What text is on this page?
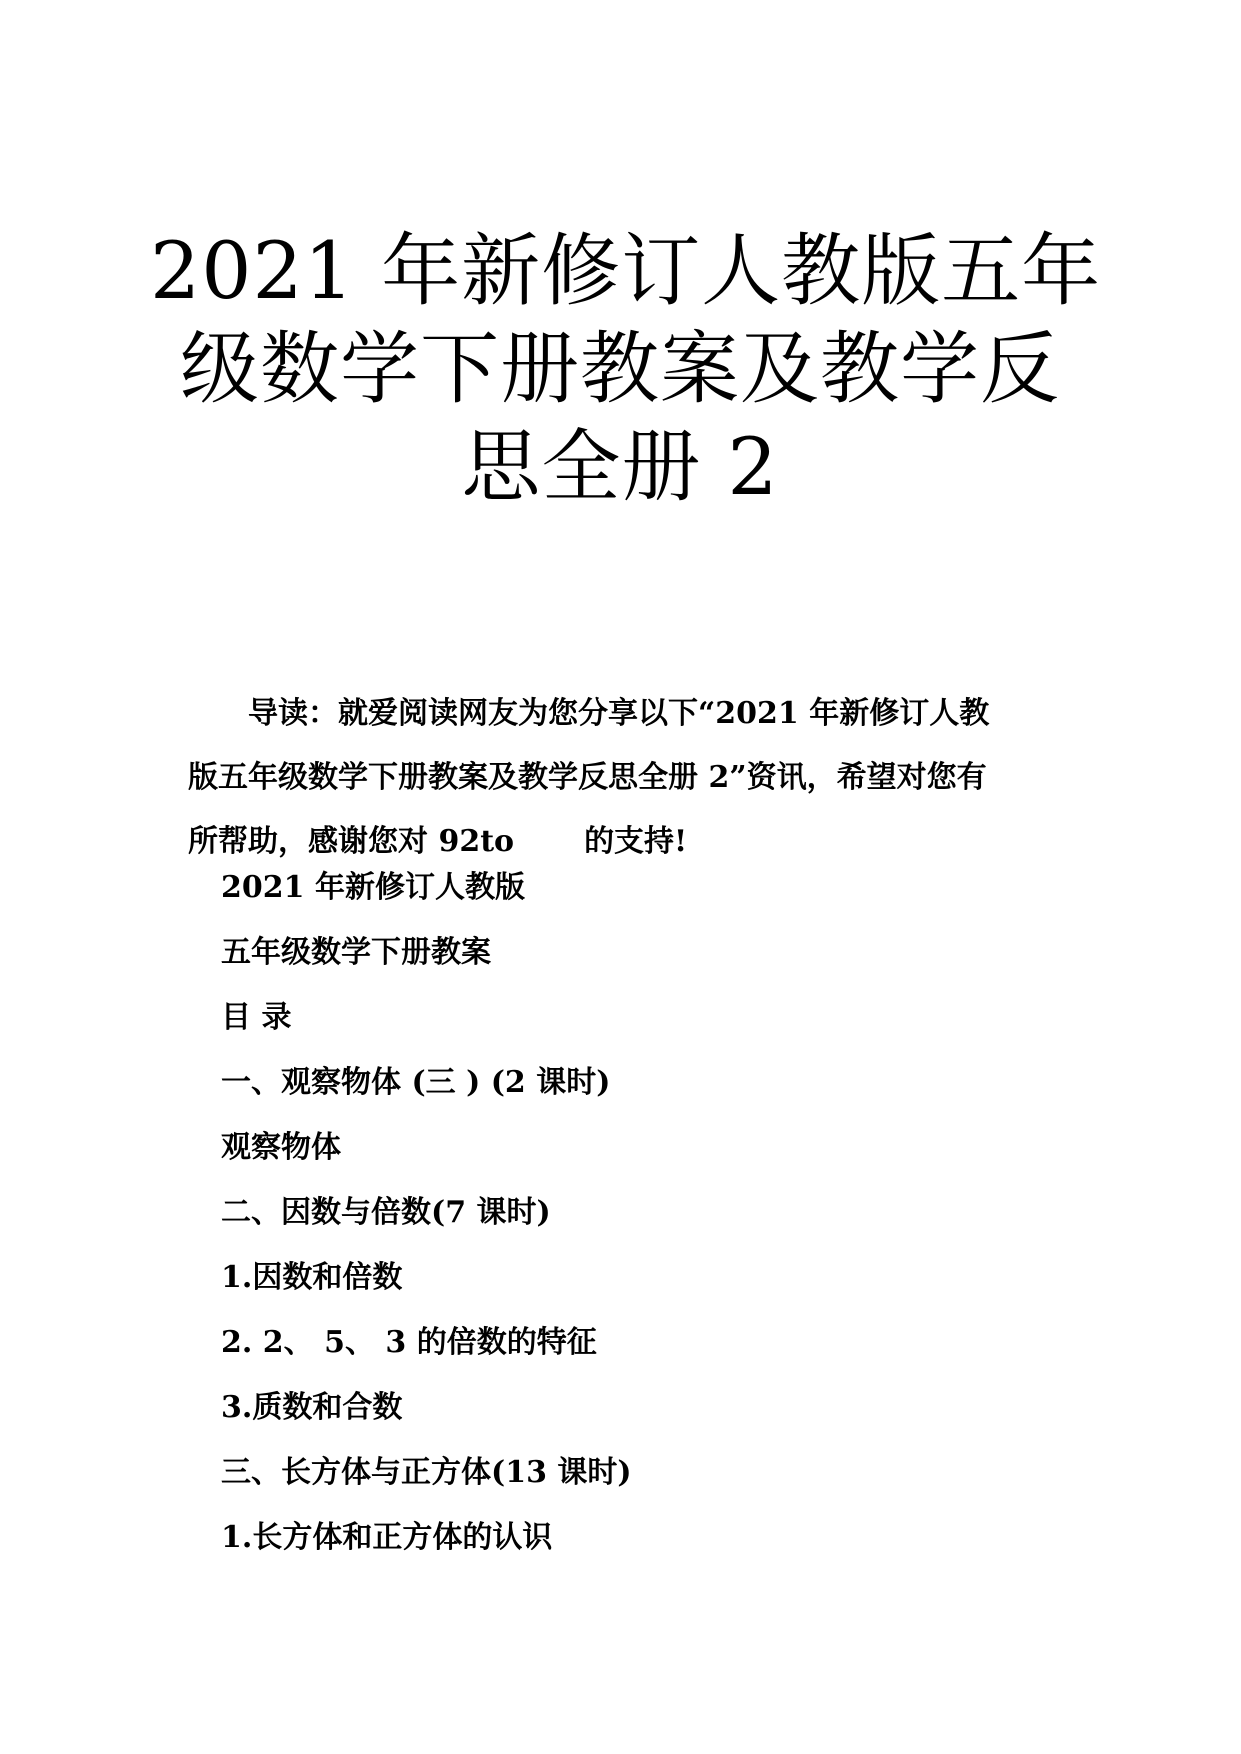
2021 年新修订人教版五年
级数学下册教案及教学反
思全册 2
导读：就爱阅读网友为您分享以下“2021 年新修订人教
版五年级数学下册教案及教学反思全册 2”资讯，希望对您有
所帮助，感谢您对 92to 的支持!
2021 年新修订人教版
五年级数学下册教案
目 录
一、观察物体 (三 ) (2 课时)
观察物体
二、因数与倍数(7 课时)
1.因数和倍数
2. 2、 5、 3 的倍数的特征
3.质数和合数
三、长方体与正方体(13 课时)
1.长方体和正方体的认识
